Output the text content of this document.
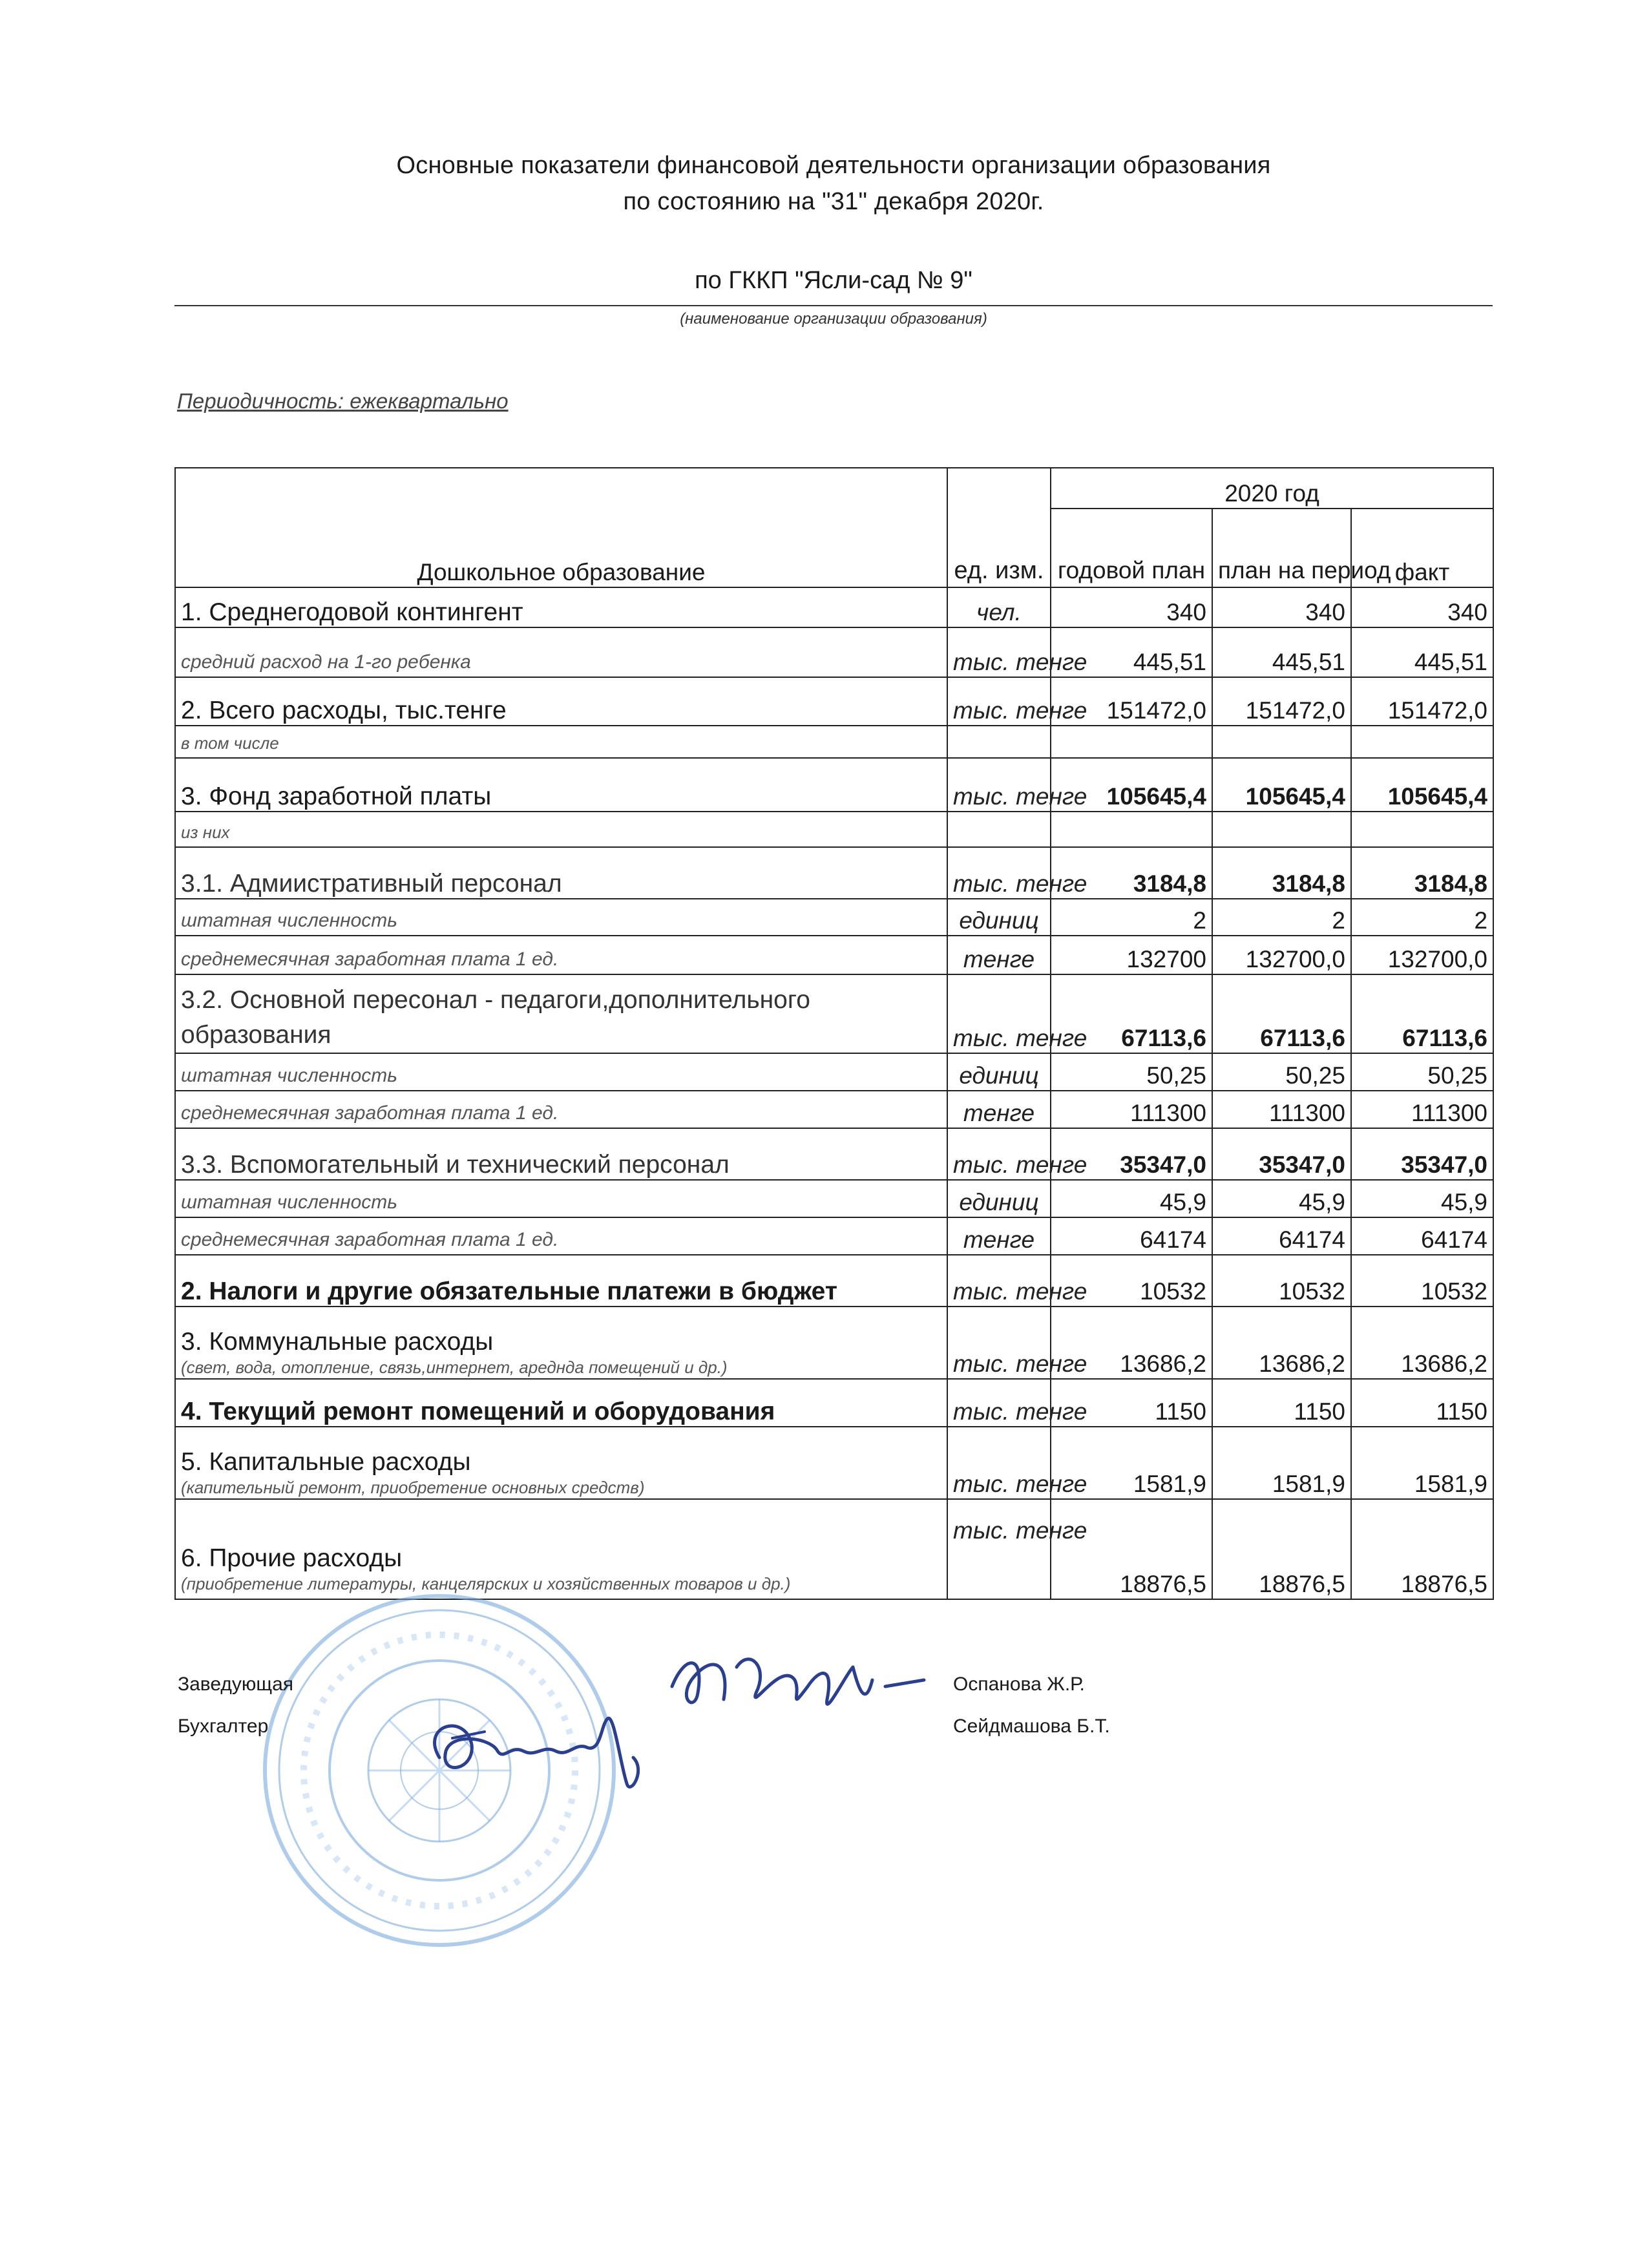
Основные показатели финансовой деятельности организации образования
по состоянию на "31" декабря 2020г.
по ГККП "Ясли-сад № 9"
(наименование организации образования)
Периодичность: ежеквартально
Дошкольное образование	ед. изм.	2020 год		
		годовой план	план на период	факт
1. Среднегодовой контингент	чел.	340	340	340
средний расход на 1-го ребенка	тыс. тенге	445,51	445,51	445,51
2. Всего расходы, тыс.тенге	тыс. тенге	151472,0	151472,0	151472,0
в том числе				
3. Фонд заработной платы	тыс. тенге	105645,4	105645,4	105645,4
из них				
3.1. Адмиистративный персонал	тыс. тенге	3184,8	3184,8	3184,8
штатная численность	единиц	2	2	2
среднемесячная заработная плата 1 ед.	тенге	132700	132700,0	132700,0
3.2. Основной пересонал - педагоги,дополнительного образования	тыс. тенге	67113,6	67113,6	67113,6
штатная численность	единиц	50,25	50,25	50,25
среднемесячная заработная плата 1 ед.	тенге	111300	111300	111300
3.3. Вспомогательный и технический персонал	тыс. тенге	35347,0	35347,0	35347,0
штатная численность	единиц	45,9	45,9	45,9
среднемесячная заработная плата 1 ед.	тенге	64174	64174	64174
2. Налоги и другие обязательные платежи в бюджет	тыс. тенге	10532	10532	10532
3. Коммунальные расходы
(свет, вода, отопление, связь,интернет, ареднда помещений и др.)	тыс. тенге	13686,2	13686,2	13686,2
4. Текущий ремонт помещений и оборудования	тыс. тенге	1150	1150	1150
5. Капитальные расходы
(капительный ремонт, приобретение основных средств)	тыс. тенге	1581,9	1581,9	1581,9
6. Прочие расходы
(приобретение литературы, канцелярских и хозяйственных товаров и др.)	тыс. тенге	18876,5	18876,5	18876,5
Заведующая	Оспанова Ж.Р.
Бухгалтер	Сейдмашова Б.Т.
